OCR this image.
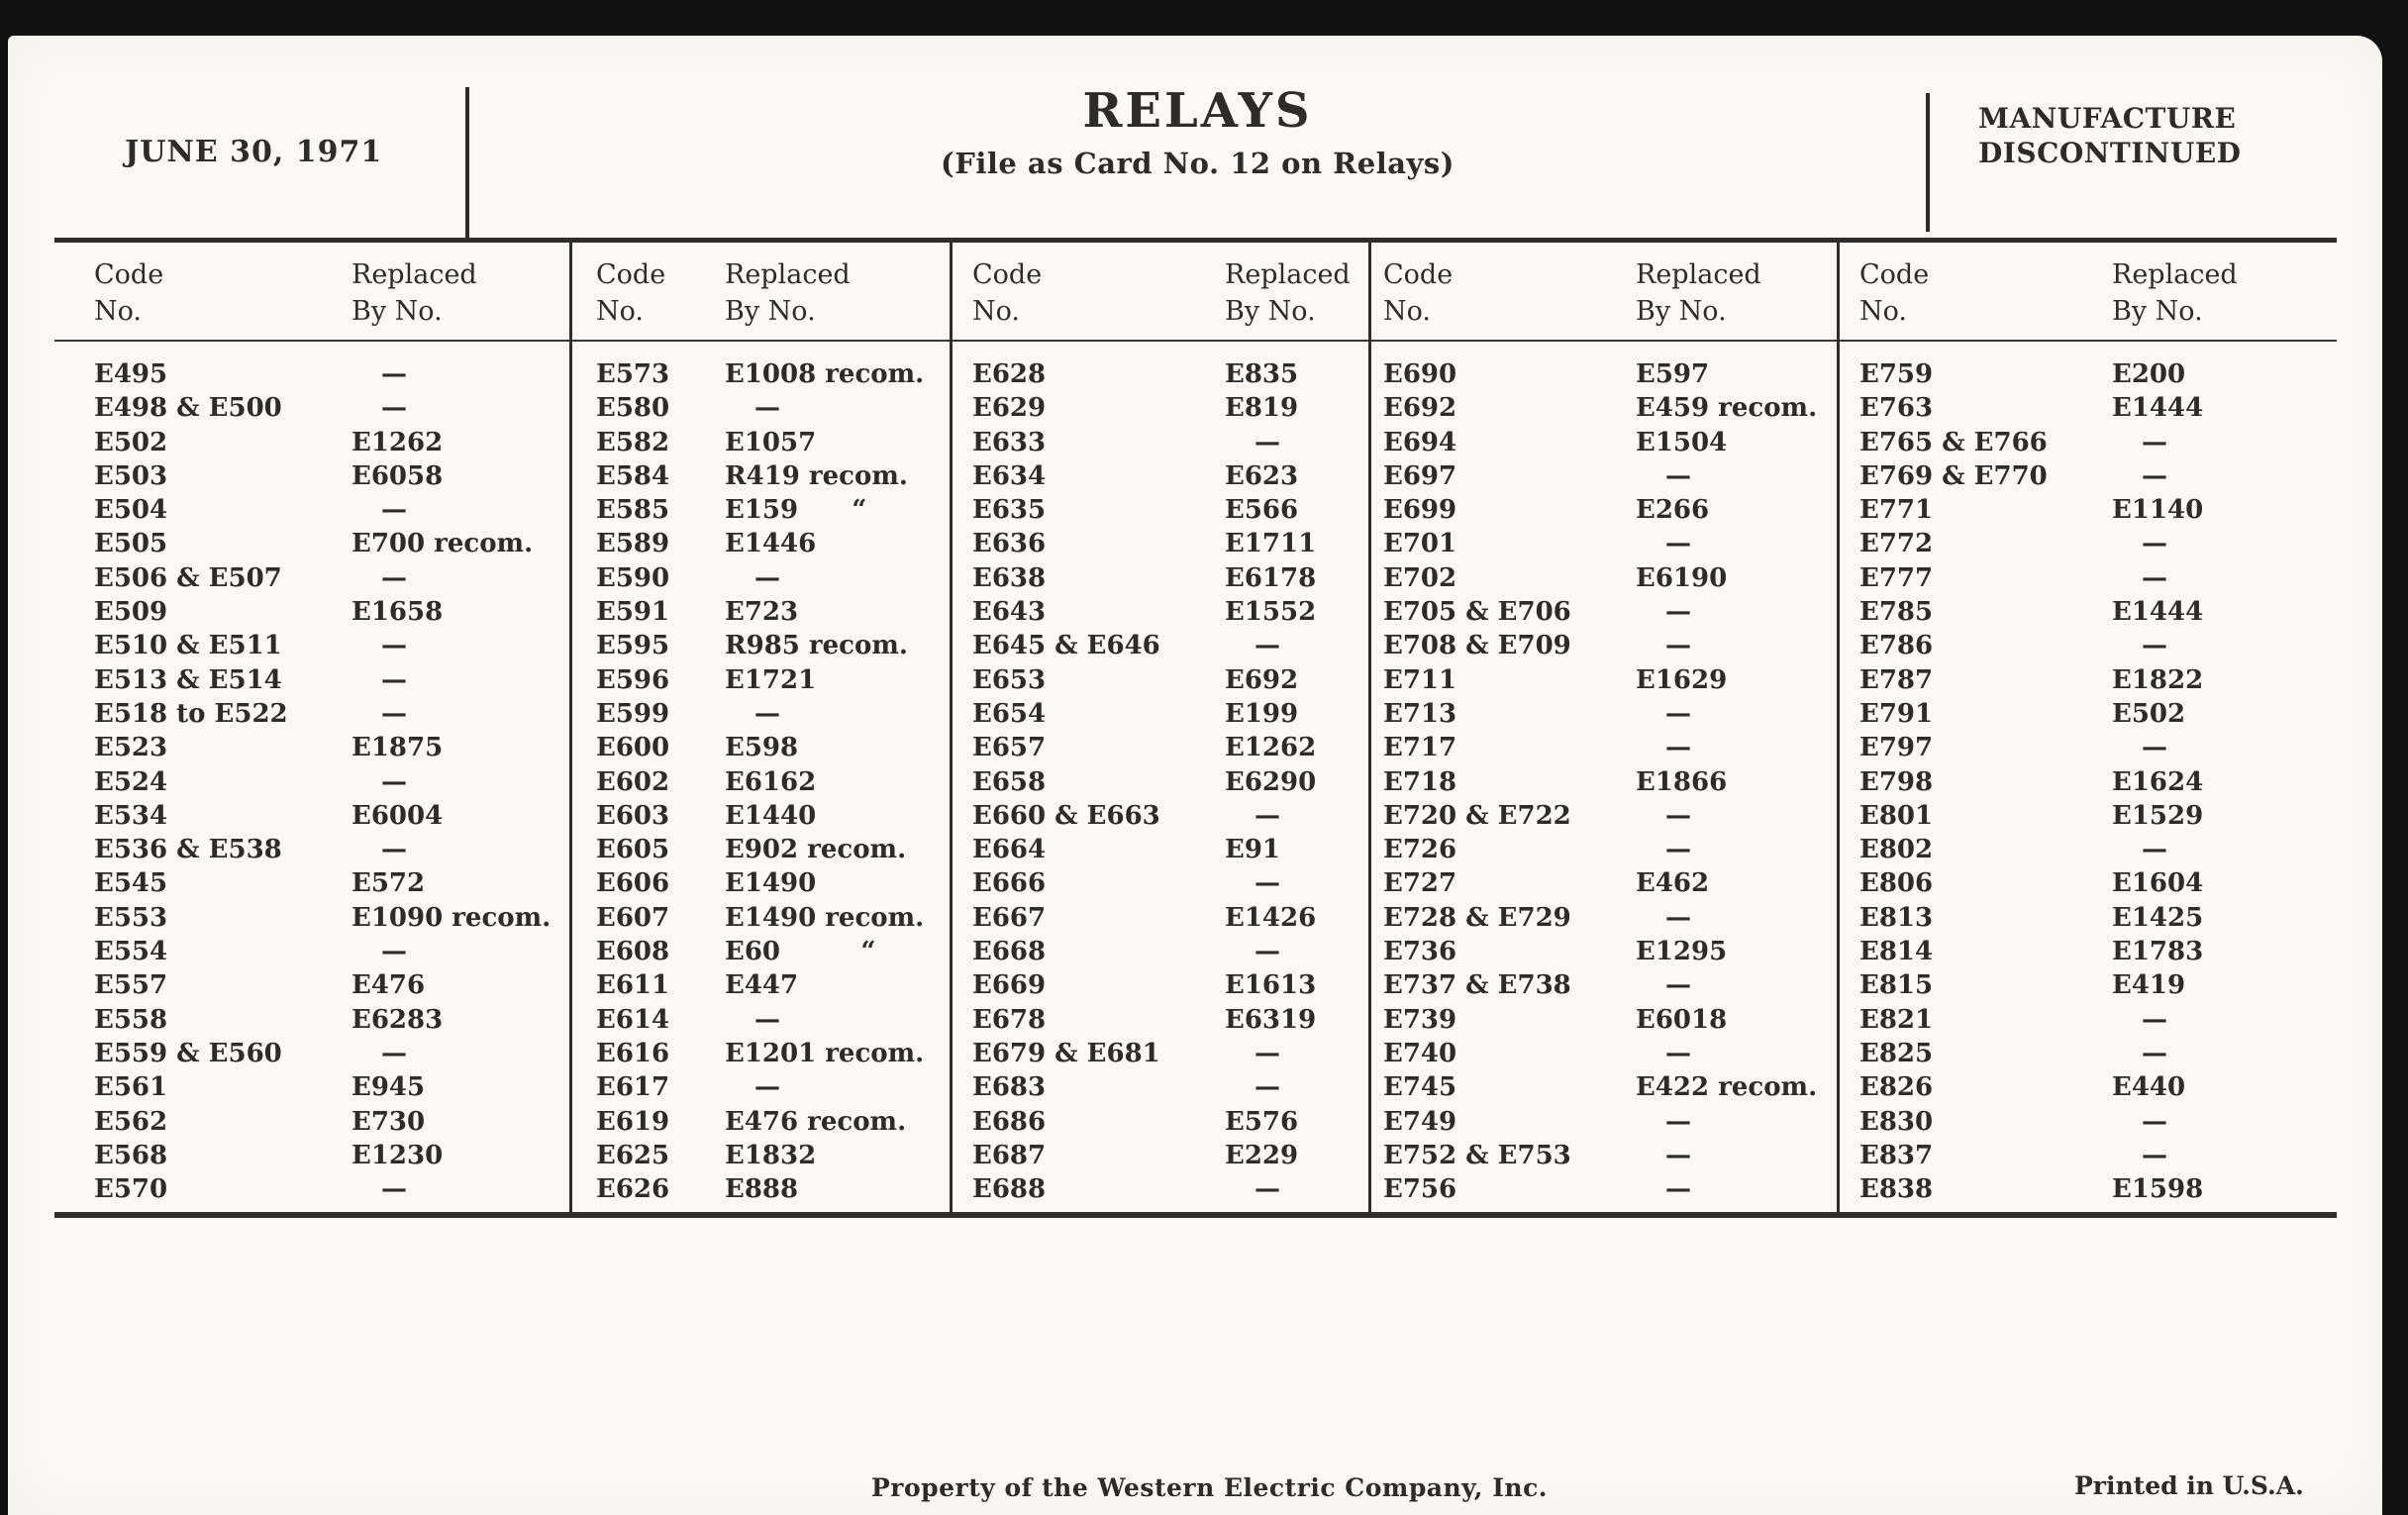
JUNE 30, 1971
RELAYS
(File as Card No. 12 on Relays)
MANUFACTURE
DISCONTINUED
Code
No.
Replaced
By No.
E495	—
E498 & E500	—
E502	E1262
E503	E6058
E504	—
E505	E700 recom.
E506 & E507	—
E509	E1658
E510 & E511	—
E513 & E514	—
E518 to E522	—
E523	E1875
E524	—
E534	E6004
E536 & E538	—
E545	E572
E553	E1090 recom.
E554	—
E557	E476
E558	E6283
E559 & E560	—
E561	E945
E562	E730
E568	E1230
E570	—
Code
No.
Replaced
By No.
E573	E1008 recom.
E580	—
E582	E1057
E584	R419 recom.
E585	E159      “
E589	E1446
E590	—
E591	E723
E595	R985 recom.
E596	E1721
E599	—
E600	E598
E602	E6162
E603	E1440
E605	E902 recom.
E606	E1490
E607	E1490 recom.
E608	E60         “
E611	E447
E614	—
E616	E1201 recom.
E617	—
E619	E476 recom.
E625	E1832
E626	E888
Code
No.
Replaced
By No.
E628	E835
E629	E819
E633	—
E634	E623
E635	E566
E636	E1711
E638	E6178
E643	E1552
E645 & E646	—
E653	E692
E654	E199
E657	E1262
E658	E6290
E660 & E663	—
E664	E91
E666	—
E667	E1426
E668	—
E669	E1613
E678	E6319
E679 & E681	—
E683	—
E686	E576
E687	E229
E688	—
Code
No.
Replaced
By No.
E690	E597
E692	E459 recom.
E694	E1504
E697	—
E699	E266
E701	—
E702	E6190
E705 & E706	—
E708 & E709	—
E711	E1629
E713	—
E717	—
E718	E1866
E720 & E722	—
E726	—
E727	E462
E728 & E729	—
E736	E1295
E737 & E738	—
E739	E6018
E740	—
E745	E422 recom.
E749	—
E752 & E753	—
E756	—
Code
No.
Replaced
By No.
E759	E200
E763	E1444
E765 & E766	—
E769 & E770	—
E771	E1140
E772	—
E777	—
E785	E1444
E786	—
E787	E1822
E791	E502
E797	—
E798	E1624
E801	E1529
E802	—
E806	E1604
E813	E1425
E814	E1783
E815	E419
E821	—
E825	—
E826	E440
E830	—
E837	—
E838	E1598
Property of the Western Electric Company, Inc.	Printed in U.S.A.
